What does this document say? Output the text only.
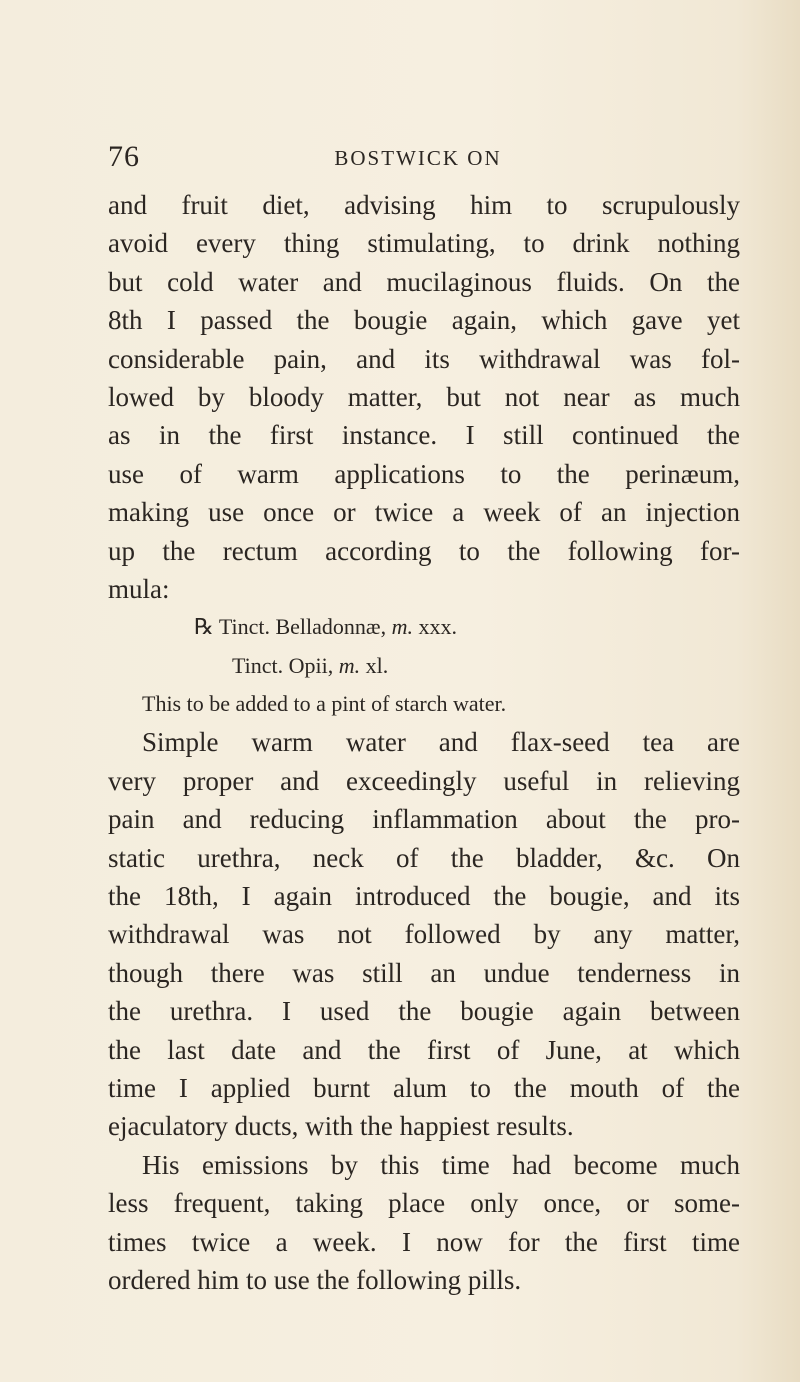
76	BOSTWICK ON
and fruit diet, advising him to scrupulously
avoid every thing stimulating, to drink nothing
but cold water and mucilaginous fluids. On the
8th I passed the bougie again, which gave yet
considerable pain, and its withdrawal was fol-
lowed by bloody matter, but not near as much
as in the first instance. I still continued the
use of warm applications to the perinæum,
making use once or twice a week of an injection
up the rectum according to the following for-
mula:
℞ Tinct. Belladonnæ, m. xxx.
Tinct. Opii, m. xl.
This to be added to a pint of starch water.
Simple warm water and flax-seed tea are
very proper and exceedingly useful in relieving
pain and reducing inflammation about the pro-
static urethra, neck of the bladder, &c. On
the 18th, I again introduced the bougie, and its
withdrawal was not followed by any matter,
though there was still an undue tenderness in
the urethra. I used the bougie again between
the last date and the first of June, at which
time I applied burnt alum to the mouth of the
ejaculatory ducts, with the happiest results.
His emissions by this time had become much
less frequent, taking place only once, or some-
times twice a week. I now for the first time
ordered him to use the following pills.
